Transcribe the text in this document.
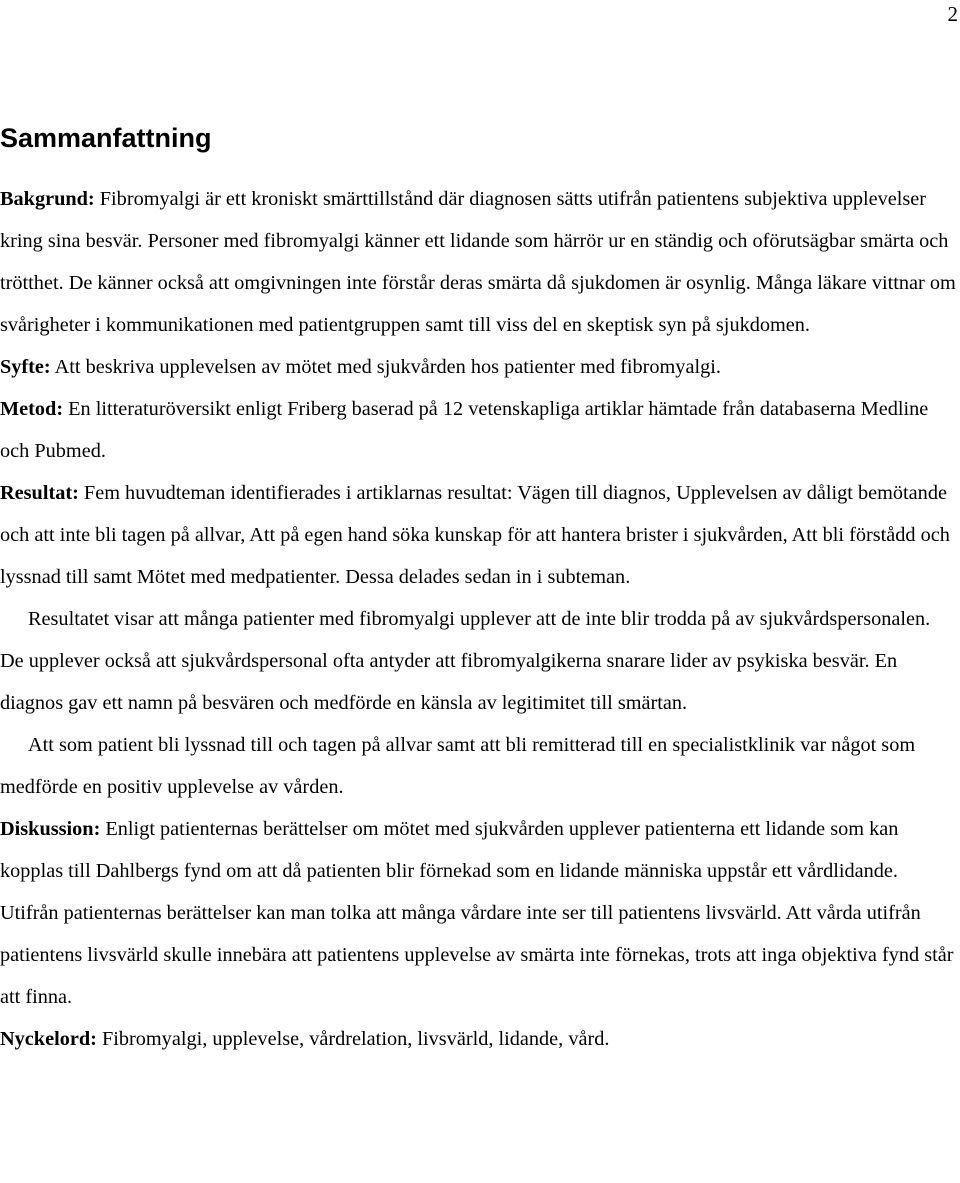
2
Sammanfattning

Bakgrund: Fibromyalgi är ett kroniskt smärttillstånd där diagnosen sätts utifrån patientens subjektiva upplevelser kring sina besvär. Personer med fibromyalgi känner ett lidande som härrör ur en ständig och oförutsägbar smärta och trötthet. De känner också att omgivningen inte förstår deras smärta då sjukdomen är osynlig. Många läkare vittnar om svårigheter i kommunikationen med patientgruppen samt till viss del en skeptisk syn på sjukdomen.

Syfte: Att beskriva upplevelsen av mötet med sjukvården hos patienter med fibromyalgi.

Metod: En litteraturöversikt enligt Friberg baserad på 12 vetenskapliga artiklar hämtade från databaserna Medline och Pubmed.

Resultat: Fem huvudteman identifierades i artiklarnas resultat: Vägen till diagnos, Upplevelsen av dåligt bemötande och att inte bli tagen på allvar, Att på egen hand söka kunskap för att hantera brister i sjukvården, Att bli förstådd och lyssnad till samt Mötet med medpatienter. Dessa delades sedan in i subteman.

Resultatet visar att många patienter med fibromyalgi upplever att de inte blir trodda på av sjukvårdspersonalen. De upplever också att sjukvårdspersonal ofta antyder att fibromyalgikerna snarare lider av psykiska besvär. En diagnos gav ett namn på besvären och medförde en känsla av legitimitet till smärtan.

Att som patient bli lyssnad till och tagen på allvar samt att bli remitterad till en specialistklinik var något som medförde en positiv upplevelse av vården.

Diskussion: Enligt patienternas berättelser om mötet med sjukvården upplever patienterna ett lidande som kan kopplas till Dahlbergs fynd om att då patienten blir förnekad som en lidande människa uppstår ett vårdlidande. Utifrån patienternas berättelser kan man tolka att många vårdare inte ser till patientens livsvärld. Att vårda utifrån patientens livsvärld skulle innebära att patientens upplevelse av smärta inte förnekas, trots att inga objektiva fynd står att finna.

Nyckelord: Fibromyalgi, upplevelse, vårdrelation, livsvärld, lidande, vård.
